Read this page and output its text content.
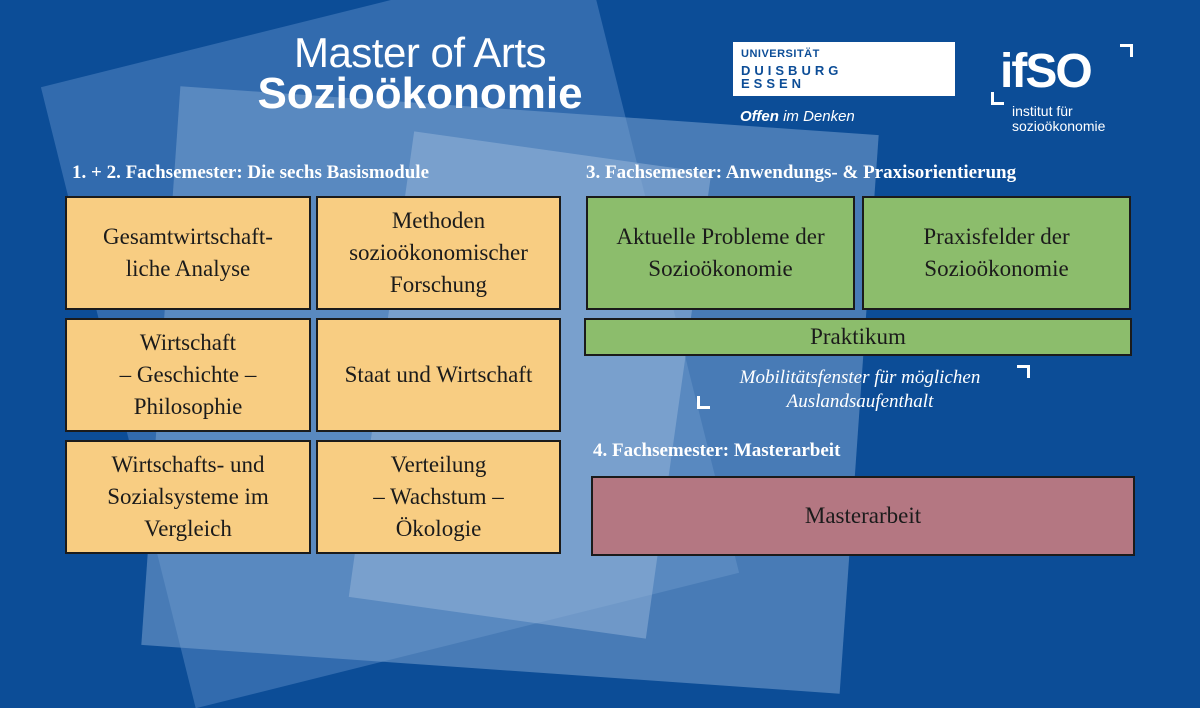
Master of Arts
Sozioökonomie
UNIVERSITÄT
DUISBURG ESSEN
Offen im Denken
ifSO
institut für
sozioökonomie
1. + 2. Fachsemester: Die sechs Basismodule
Gesamtwirtschaft-
liche Analyse
Methoden
sozioökonomischer
Forschung
Wirtschaft
– Geschichte –
Philosophie
Staat und Wirtschaft
Wirtschafts- und
Sozialsysteme im
Vergleich
Verteilung
– Wachstum –
Ökologie
3. Fachsemester: Anwendungs- & Praxisorientierung
Aktuelle Probleme der
Sozioökonomie
Praxisfelder der
Sozioökonomie
Praktikum
Mobilitätsfenster für möglichen
Auslandsaufenthalt
4. Fachsemester: Masterarbeit
Masterarbeit
